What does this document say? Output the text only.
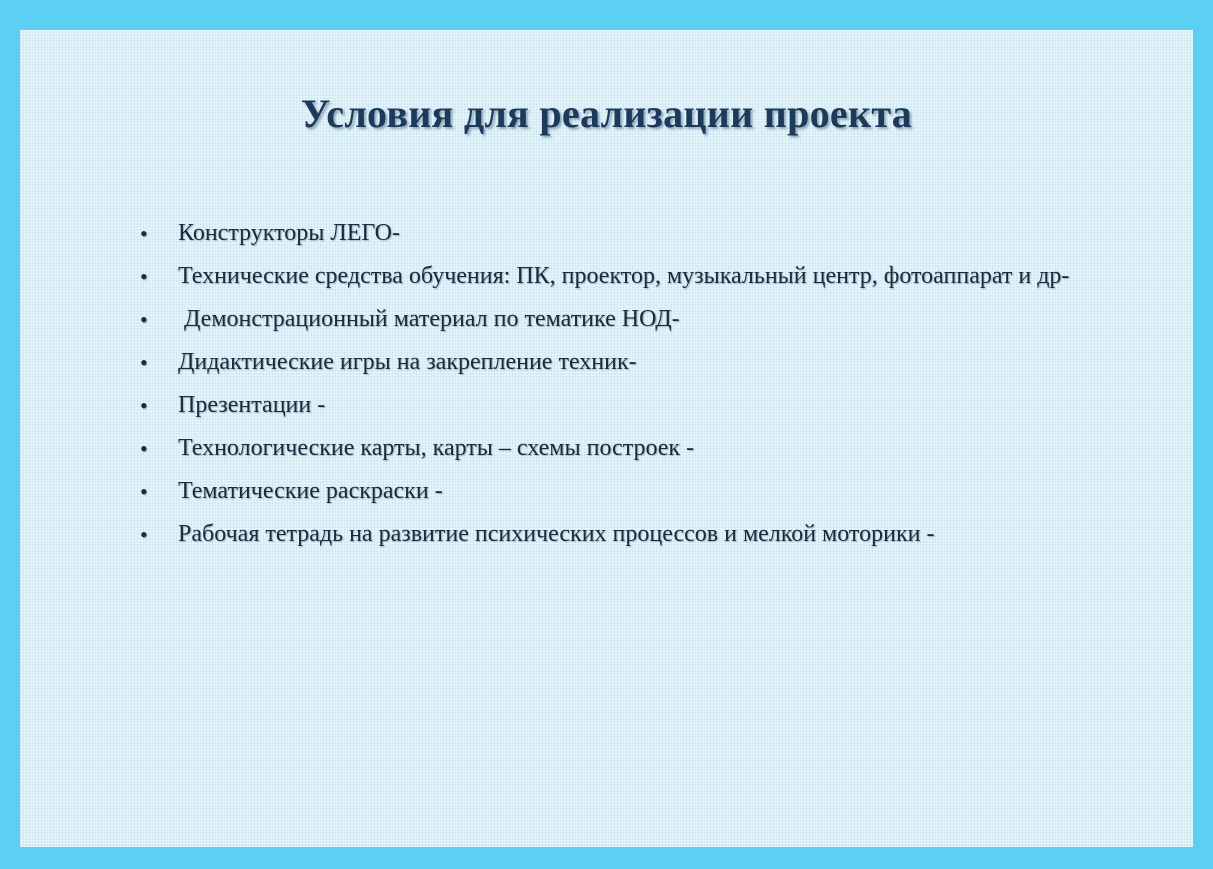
Условия для реализации проекта
• Конструкторы ЛЕГО-
• Технические средства обучения: ПК, проектор, музыкальный центр, фотоаппарат и др-
• Демонстрационный материал по тематике НОД-
• Дидактические игры на закрепление техник-
• Презентации -
• Технологические карты, карты – схемы построек -
• Тематические раскраски -
• Рабочая тетрадь на развитие психических процессов и мелкой моторики -
